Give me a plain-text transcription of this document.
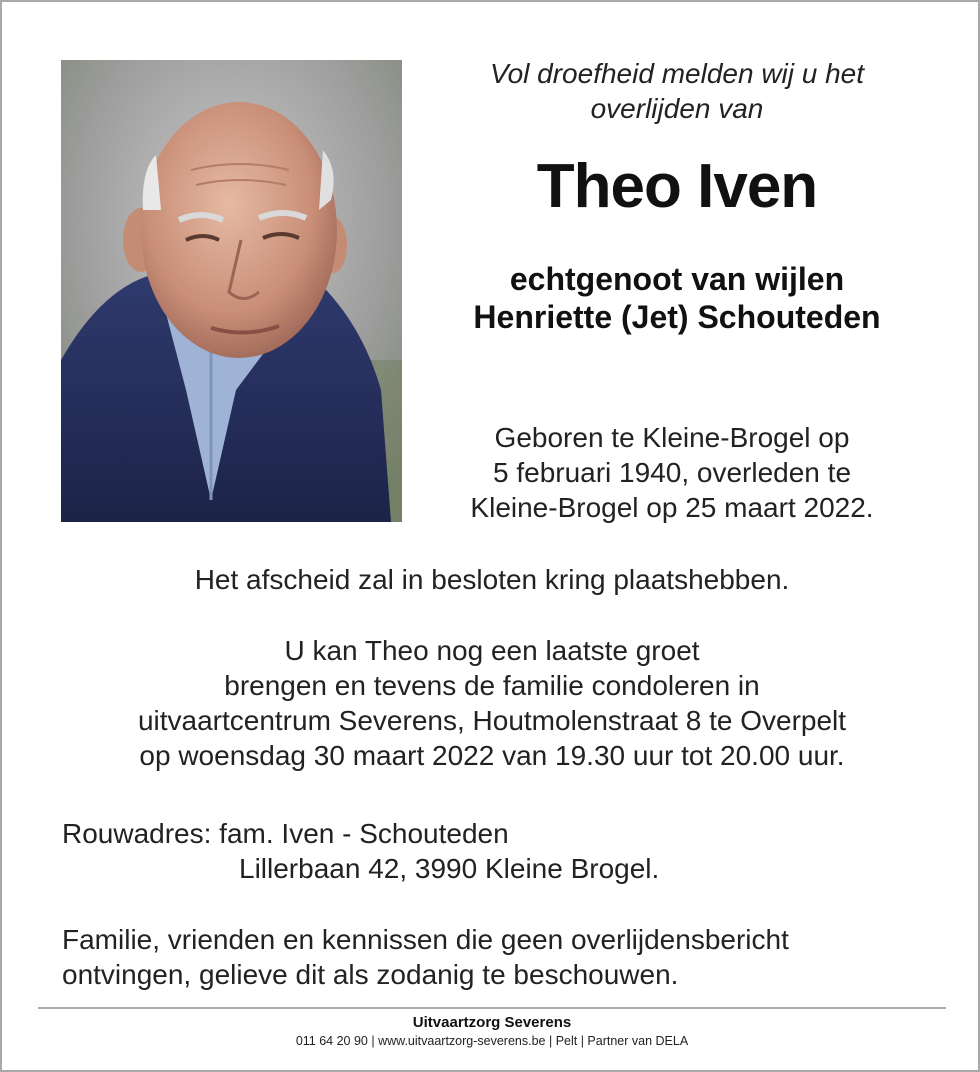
Vol droefheid melden wij u het
overlijden van
Theo Iven
echtgenoot van wijlen
Henriette (Jet) Schouteden
Geboren te Kleine-Brogel op
5 februari 1940, overleden te
Kleine-Brogel op 25 maart 2022.
Het afscheid zal in besloten kring plaatshebben.
U kan Theo nog een laatste groet
brengen en tevens de familie condoleren in
uitvaartcentrum Severens, Houtmolenstraat 8 te Overpelt
op woensdag 30 maart 2022 van 19.30 uur tot 20.00 uur.
Rouwadres: fam. Iven - Schouteden
Lillerbaan 42, 3990 Kleine Brogel.
Familie, vrienden en kennissen die geen overlijdensbericht
ontvingen, gelieve dit als zodanig te beschouwen.
Uitvaartzorg Severens
011 64 20 90 | www.uitvaartzorg-severens.be | Pelt | Partner van DELA
